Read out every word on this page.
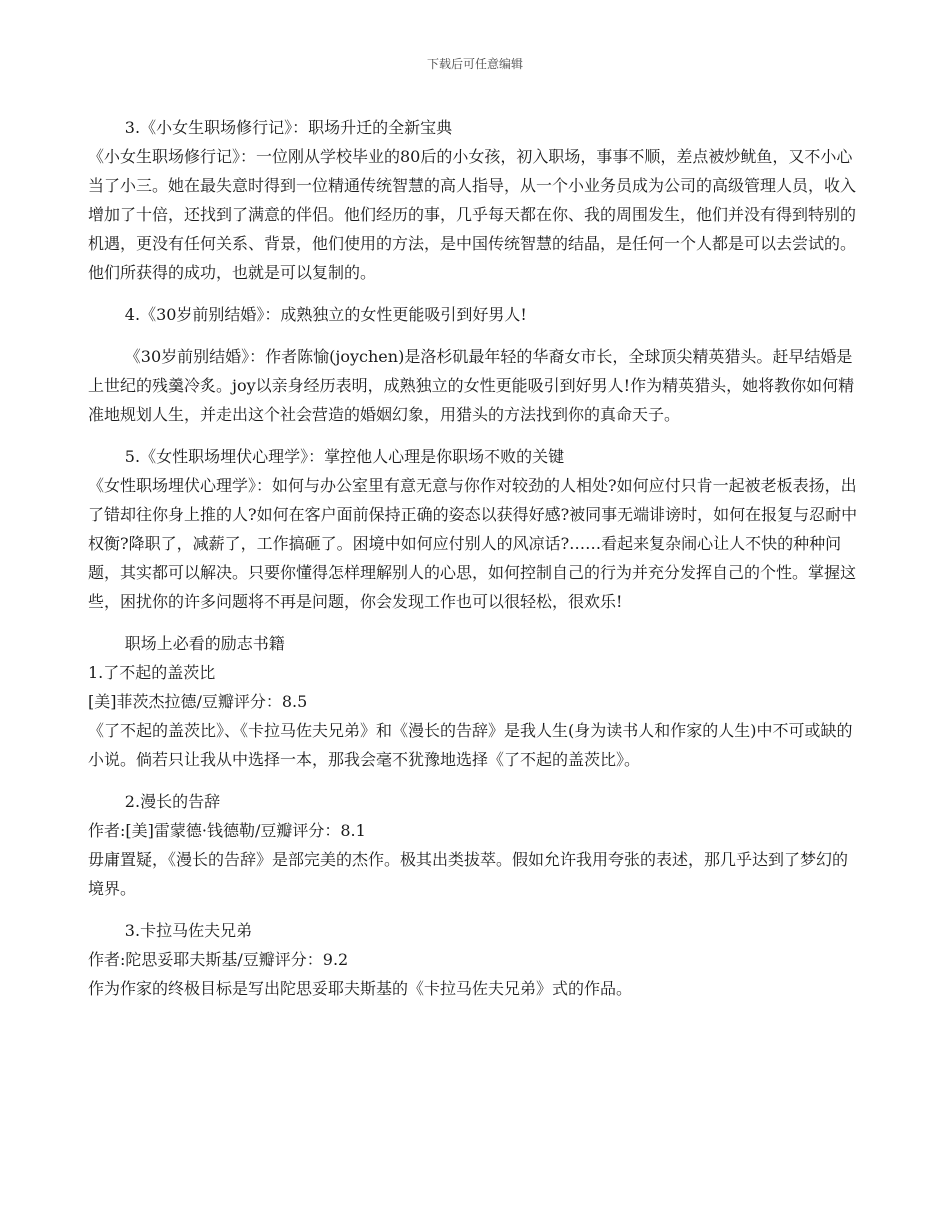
下载后可任意编辑

3.《小女生职场修行记》：职场升迁的全新宝典

《小女生职场修行记》：一位刚从学校毕业的80后的小女孩，初入职场，事事不顺，差点被炒鱿鱼，又不小心当了小三。她在最失意时得到一位精通传统智慧的高人指导，从一个小业务员成为公司的高级管理人员，收入增加了十倍，还找到了满意的伴侣。他们经历的事，几乎每天都在你、我的周围发生，他们并没有得到特别的机遇，更没有任何关系、背景，他们使用的方法，是中国传统智慧的结晶，是任何一个人都是可以去尝试的。他们所获得的成功，也就是可以复制的。

4.《30岁前别结婚》：成熟独立的女性更能吸引到好男人!

《30岁前别结婚》：作者陈愉(joychen)是洛杉矶最年轻的华裔女市长，全球顶尖精英猎头。赶早结婚是上世纪的残羹冷炙。joy以亲身经历表明，成熟独立的女性更能吸引到好男人!作为精英猎头，她将教你如何精准地规划人生，并走出这个社会营造的婚姻幻象，用猎头的方法找到你的真命天子。

5.《女性职场埋伏心理学》：掌控他人心理是你职场不败的关键

《女性职场埋伏心理学》：如何与办公室里有意无意与你作对较劲的人相处?如何应付只肯一起被老板表扬，出了错却往你身上推的人?如何在客户面前保持正确的姿态以获得好感?被同事无端诽谤时，如何在报复与忍耐中权衡?降职了，减薪了，工作搞砸了。困境中如何应付别人的风凉话?……看起来复杂闹心让人不快的种种问题，其实都可以解决。只要你懂得怎样理解别人的心思，如何控制自己的行为并充分发挥自己的个性。掌握这些，困扰你的许多问题将不再是问题，你会发现工作也可以很轻松，很欢乐!

职场上必看的励志书籍

1.了不起的盖茨比

[美]菲茨杰拉德/豆瓣评分：8.5

《了不起的盖茨比》、《卡拉马佐夫兄弟》和《漫长的告辞》是我人生(身为读书人和作家的人生)中不可或缺的小说。倘若只让我从中选择一本，那我会毫不犹豫地选择《了不起的盖茨比》。

2.漫长的告辞

作者:[美]雷蒙德·钱德勒/豆瓣评分：8.1

毋庸置疑，《漫长的告辞》是部完美的杰作。极其出类拔萃。假如允许我用夸张的表述，那几乎达到了梦幻的境界。

3.卡拉马佐夫兄弟

作者:陀思妥耶夫斯基/豆瓣评分：9.2

作为作家的终极目标是写出陀思妥耶夫斯基的《卡拉马佐夫兄弟》式的作品。
